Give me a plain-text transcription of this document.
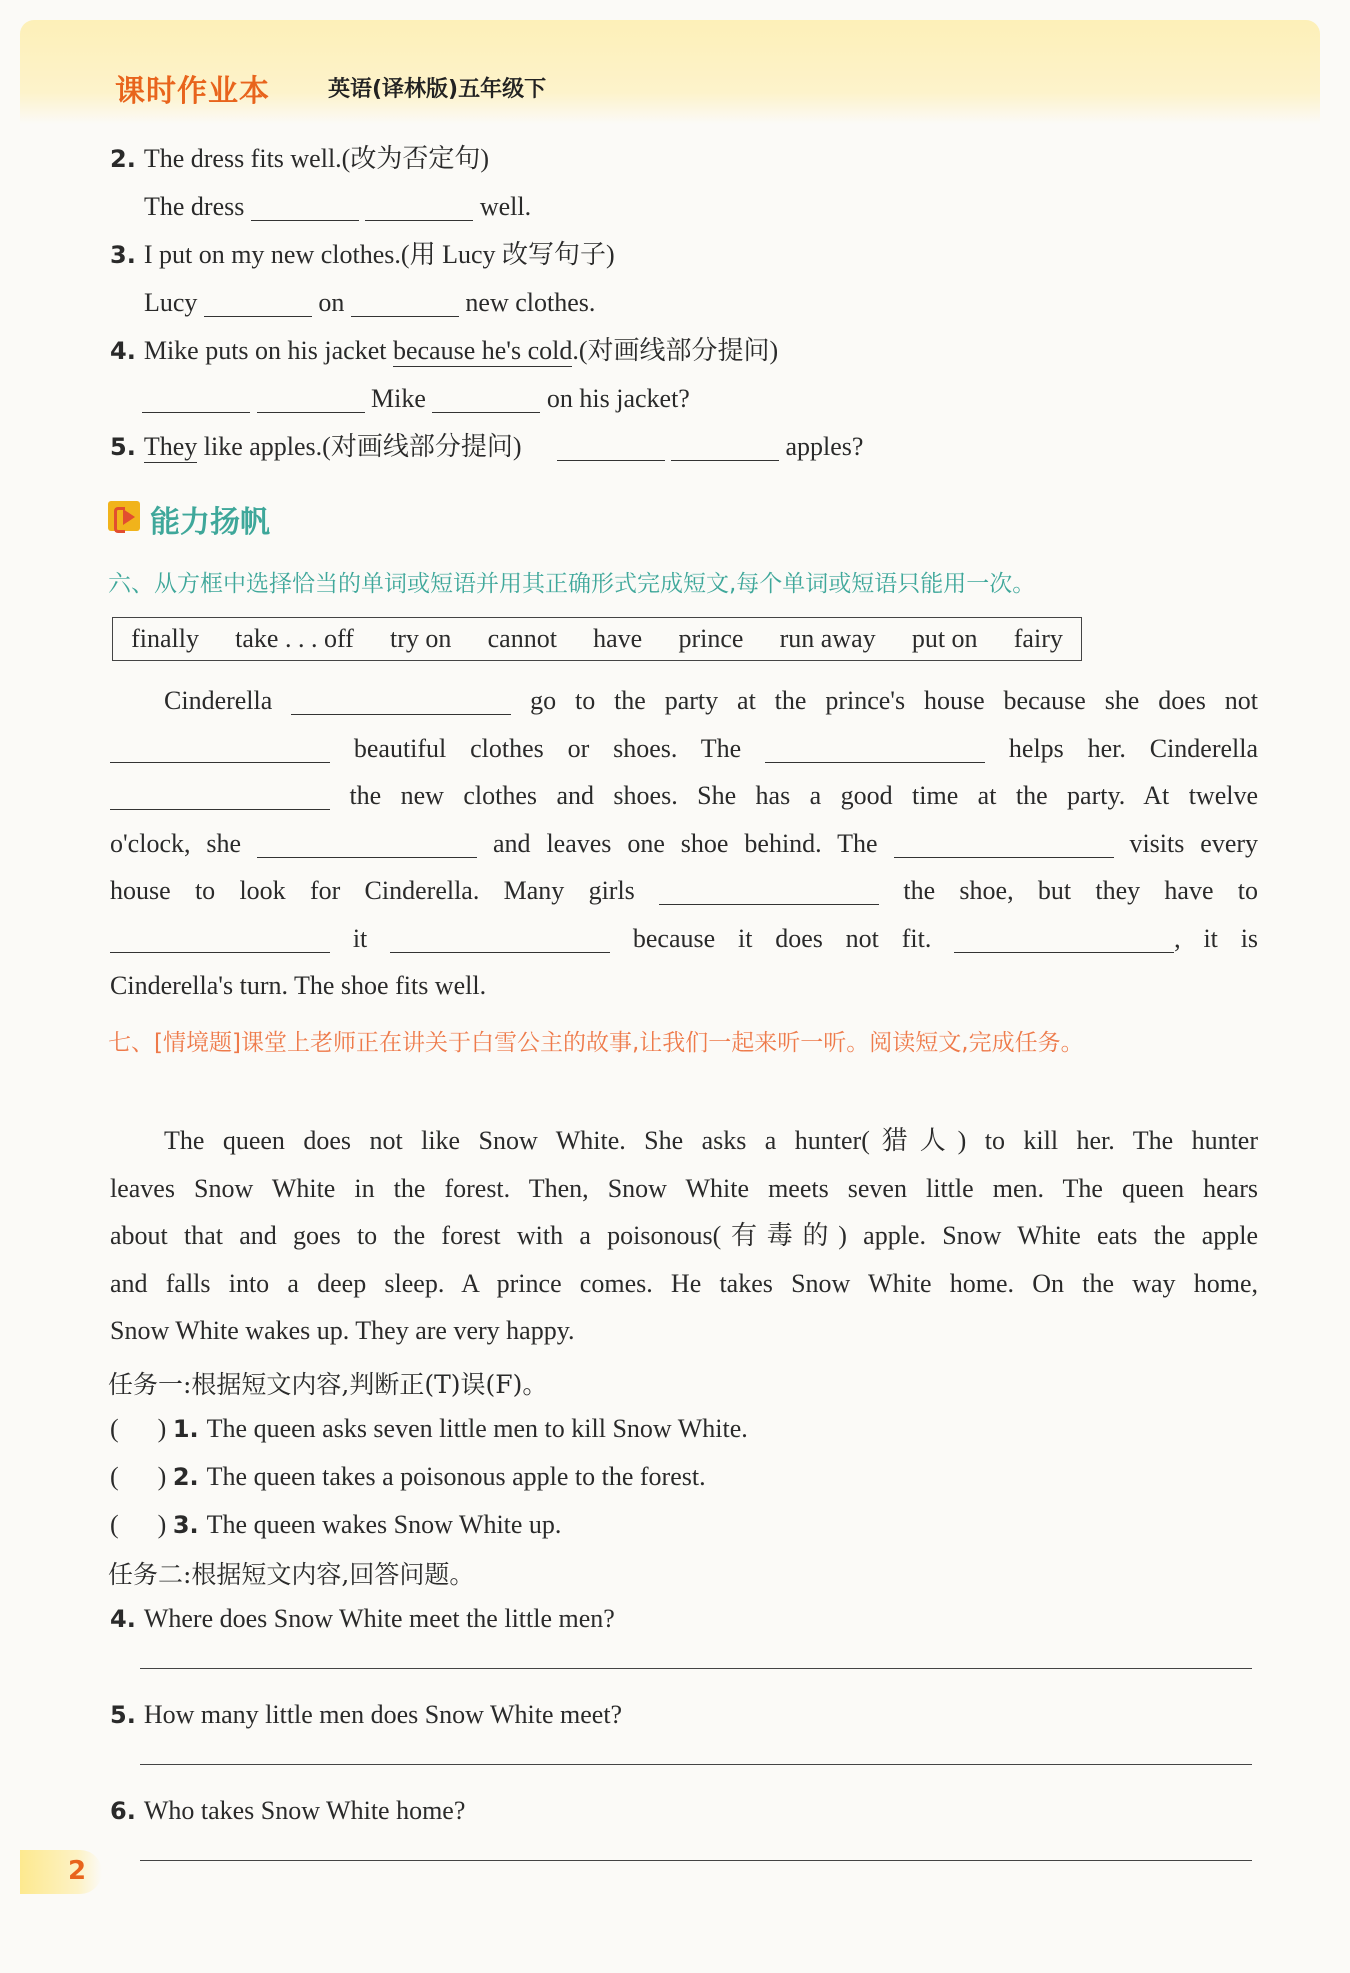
课时作业本	英语(译林版)五年级下
2. The dress fits well.(改为否定句)
The dress	well.
3. I put on my new clothes.(用 Lucy 改写句子)
Lucy	on	new clothes.
4. Mike puts on his jacket because he's cold.(对画线部分提问)
Mike	on his jacket?
5. They like apples.(对画线部分提问)	apples?
能力扬帆
六、从方框中选择恰当的单词或短语并用其正确形式完成短文,每个单词或短语只能用一次。
finally take . . . off try on cannot have prince run away put on fairy
Cinderella	go to the party at the prince's house because she does not
beautiful clothes or shoes. The	helps her. Cinderella
the new clothes and shoes. She has a good time at the party. At twelve
o'clock, she	and leaves one shoe behind. The	visits every
house to look for Cinderella. Many girls	the shoe, but they have to
it	because it does not fit.	, it is
Cinderella's turn. The shoe fits well.
七、[情境题]课堂上老师正在讲关于白雪公主的故事,让我们一起来听一听。阅读短文,完成任务。
The queen does not like Snow White. She asks a hunter(猎人) to kill her. The hunter
leaves Snow White in the forest. Then, Snow White meets seven little men. The queen hears
about that and goes to the forest with a poisonous(有毒的) apple. Snow White eats the apple
and falls into a deep sleep. A prince comes. He takes Snow White home. On the way home,
Snow White wakes up. They are very happy.
任务一:根据短文内容,判断正(T)误(F)。
(      ) 1. The queen asks seven little men to kill Snow White.
(      ) 2. The queen takes a poisonous apple to the forest.
(      ) 3. The queen wakes Snow White up.
任务二:根据短文内容,回答问题。
4. Where does Snow White meet the little men?
5. How many little men does Snow White meet?
6. Who takes Snow White home?
2
